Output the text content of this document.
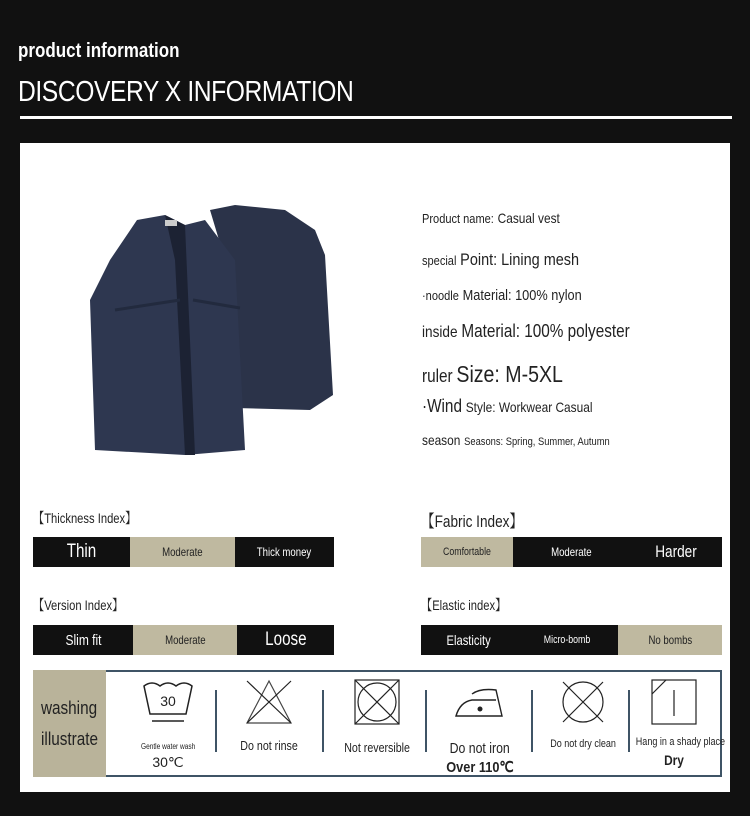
product information
DISCOVERY X INFORMATION
Product name: Casual vest
special Point: Lining mesh
·noodle Material: 100% nylon
inside Material: 100% polyester
ruler Size: M-5XL
·Wind Style: Workwear Casual
season Seasons: Spring, Summer, Autumn
【Thickness Index】
Thin	Moderate	Thick money
【Fabric Index】
Comfortable	Moderate	Harder
【Version Index】
Slim fit	Moderate	Loose
【Elastic index】
Elasticity	Micro-bomb	No bombs
washing
illustrate
30
Gentle water wash
30℃
Do not rinse	Not reversible	Do not iron
Over 110℃
Do not dry clean	Hang in a shady place
Dry
